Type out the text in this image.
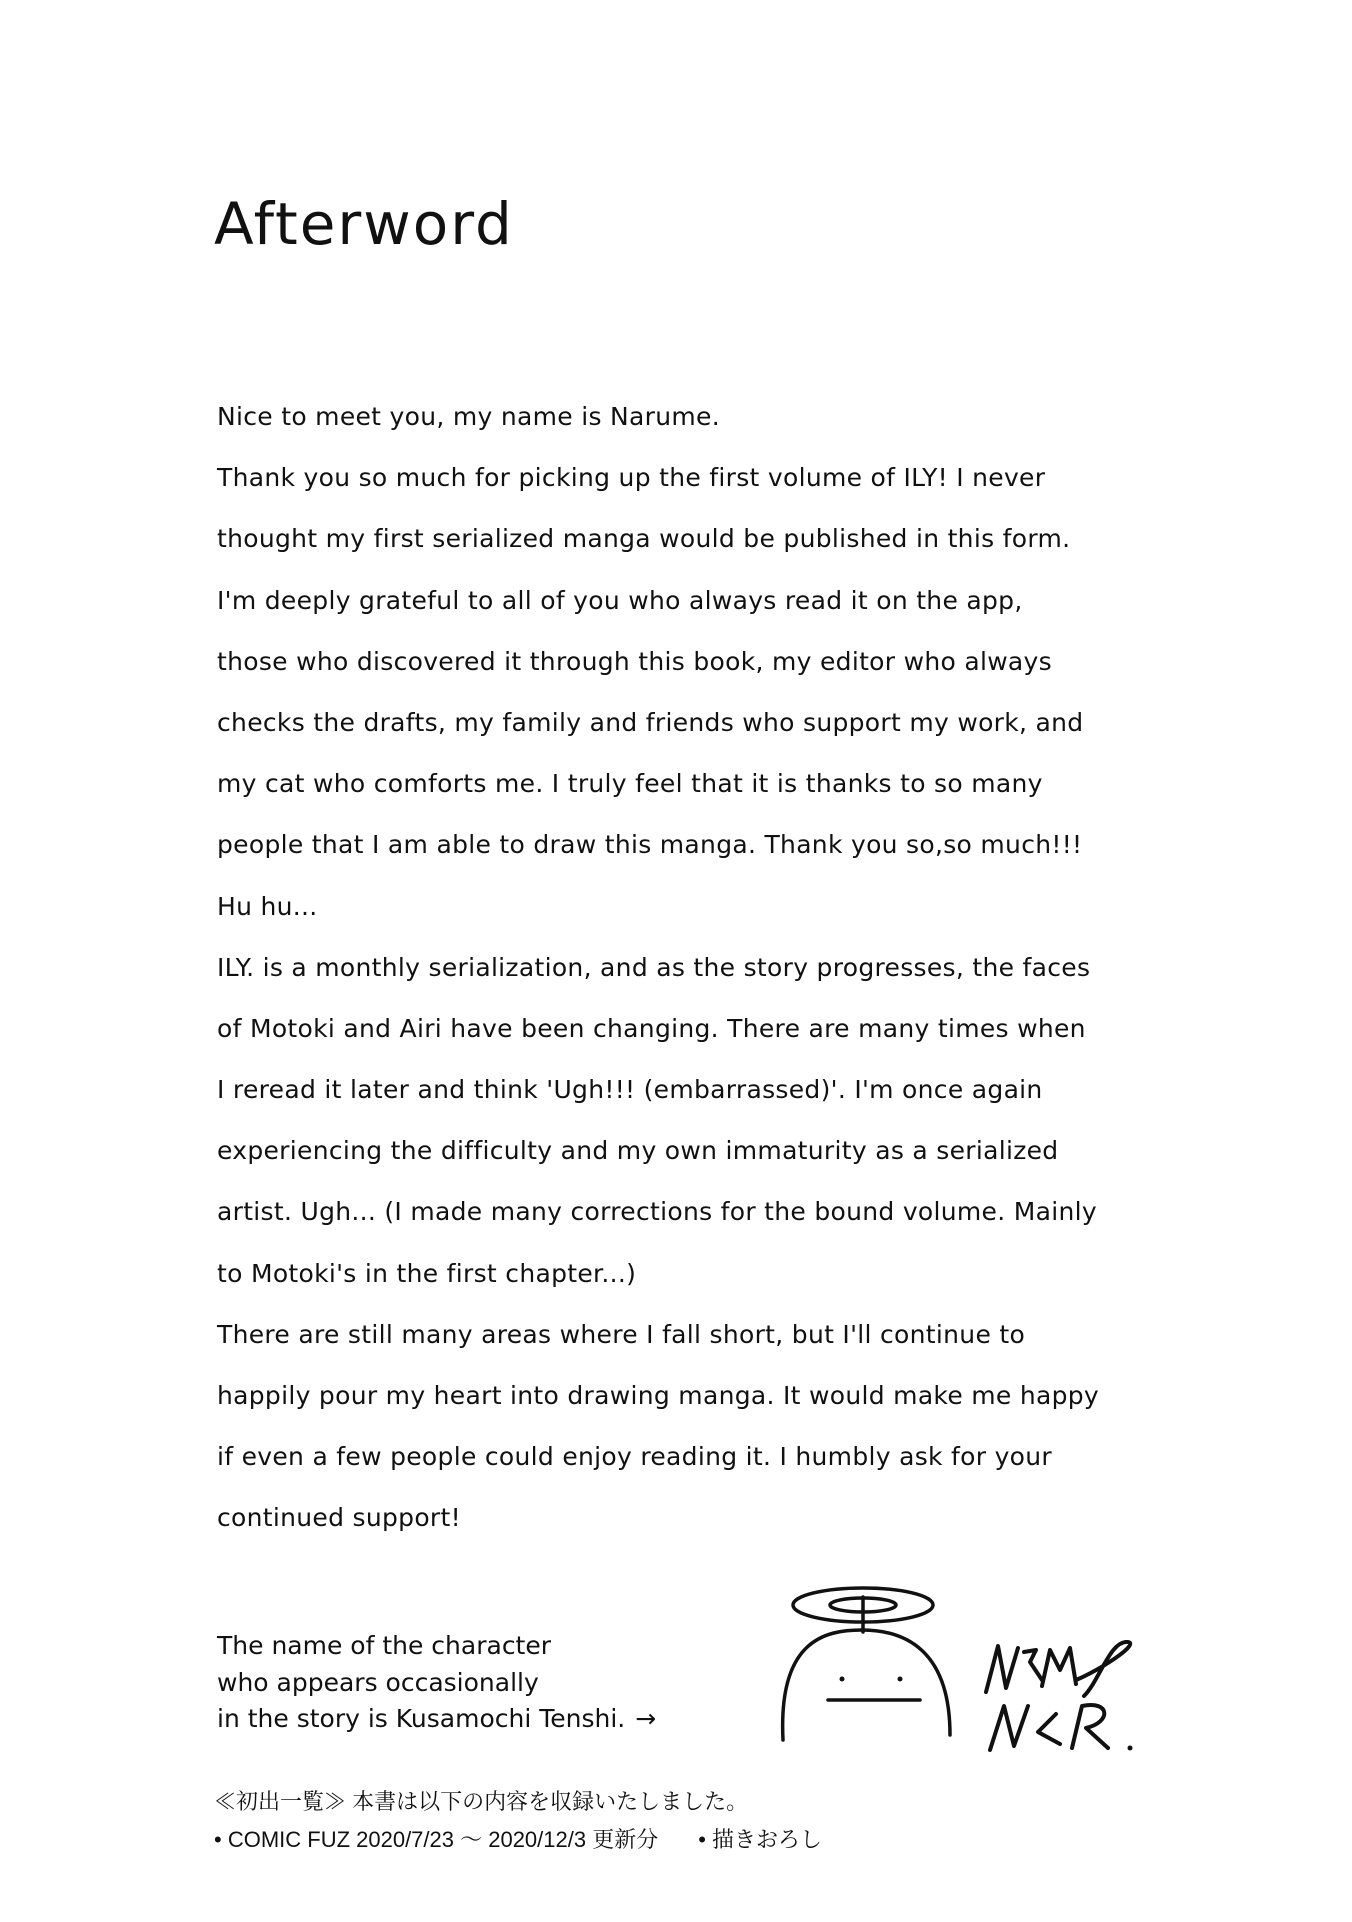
Afterword
Nice to meet you, my name is Narume.
Thank you so much for picking up the first volume of ILY! I never
thought my first serialized manga would be published in this form.
I'm deeply grateful to all of you who always read it on the app,
those who discovered it through this book, my editor who always
checks the drafts, my family and friends who support my work, and
my cat who comforts me. I truly feel that it is thanks to so many
people that I am able to draw this manga. Thank you so,so much!!!
Hu hu...
ILY. is a monthly serialization, and as the story progresses, the faces
of Motoki and Airi have been changing. There are many times when
I reread it later and think 'Ugh!!! (embarrassed)'. I'm once again
experiencing the difficulty and my own immaturity as a serialized
artist. Ugh... (I made many corrections for the bound volume. Mainly
to Motoki's in the first chapter...)
There are still many areas where I fall short, but I'll continue to
happily pour my heart into drawing manga. It would make me happy
if even a few people could enjoy reading it. I humbly ask for your
continued support!
The name of the character
who appears occasionally
in the story is Kusamochi Tenshi. →
≪初出一覧≫ 本書は以下の内容を収録いたしました。
• COMIC FUZ 2020/7/23 〜 2020/12/3 更新分 • 描きおろし
